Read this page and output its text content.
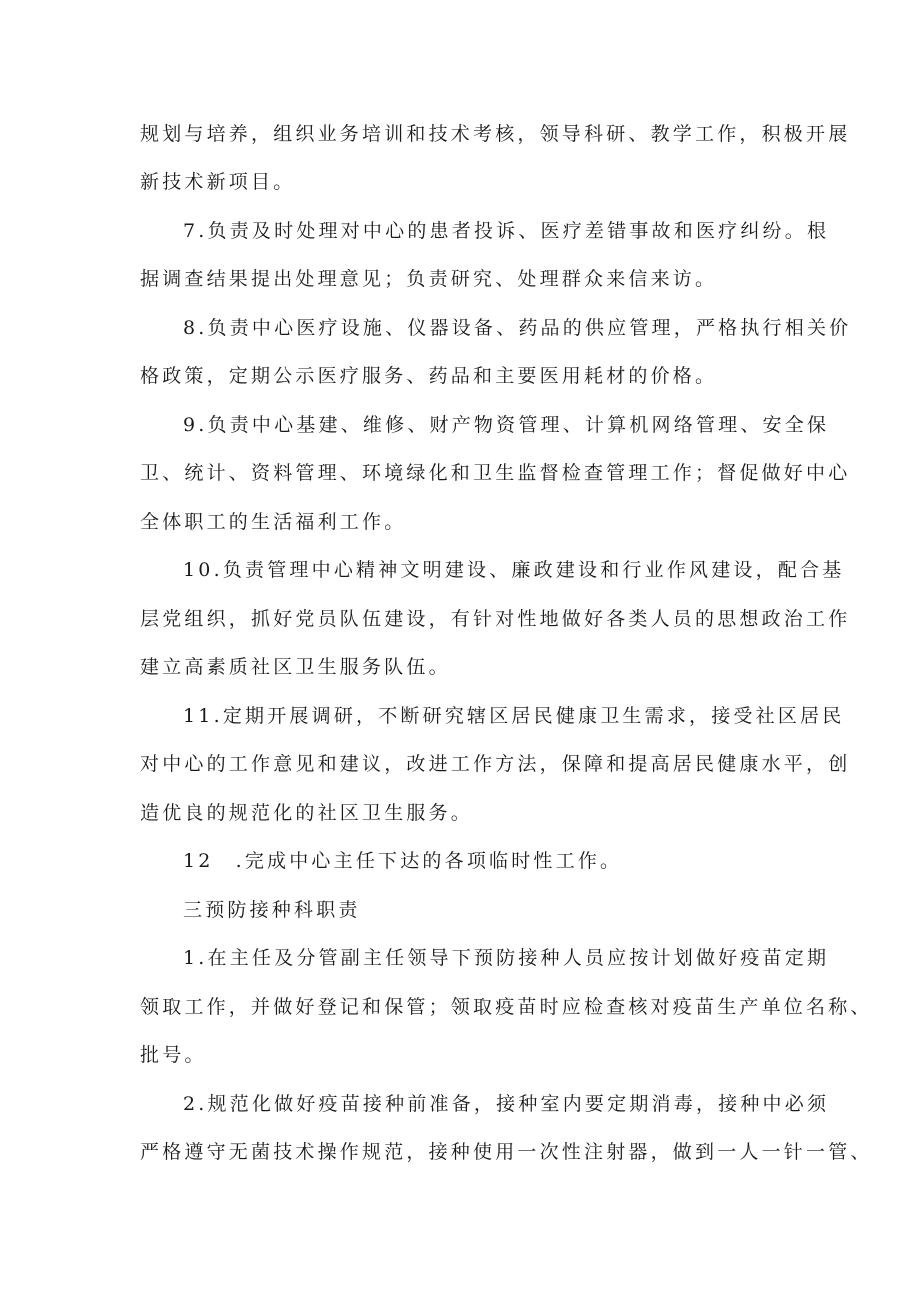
规划与培养，组织业务培训和技术考核，领导科研、教学工作，积极开展
新技术新项目。
7.负责及时处理对中心的患者投诉、医疗差错事故和医疗纠纷。根
据调查结果提出处理意见；负责研究、处理群众来信来访。
8.负责中心医疗设施、仪器设备、药品的供应管理，严格执行相关价
格政策，定期公示医疗服务、药品和主要医用耗材的价格。
9.负责中心基建、维修、财产物资管理、计算机网络管理、安全保
卫、统计、资料管理、环境绿化和卫生监督检查管理工作；督促做好中心
全体职工的生活福利工作。
10.负责管理中心精神文明建设、廉政建设和行业作风建设，配合基
层党组织，抓好党员队伍建设，有针对性地做好各类人员的思想政治工作
建立高素质社区卫生服务队伍。
11.定期开展调研，不断研究辖区居民健康卫生需求，接受社区居民
对中心的工作意见和建议，改进工作方法，保障和提高居民健康水平，创
造优良的规范化的社区卫生服务。
12 .完成中心主任下达的各项临时性工作。
三预防接种科职责
1.在主任及分管副主任领导下预防接种人员应按计划做好疫苗定期
领取工作，并做好登记和保管；领取疫苗时应检查核对疫苗生产单位名称、
批号。
2.规范化做好疫苗接种前准备，接种室内要定期消毒，接种中必须
严格遵守无菌技术操作规范，接种使用一次性注射器，做到一人一针一管、
